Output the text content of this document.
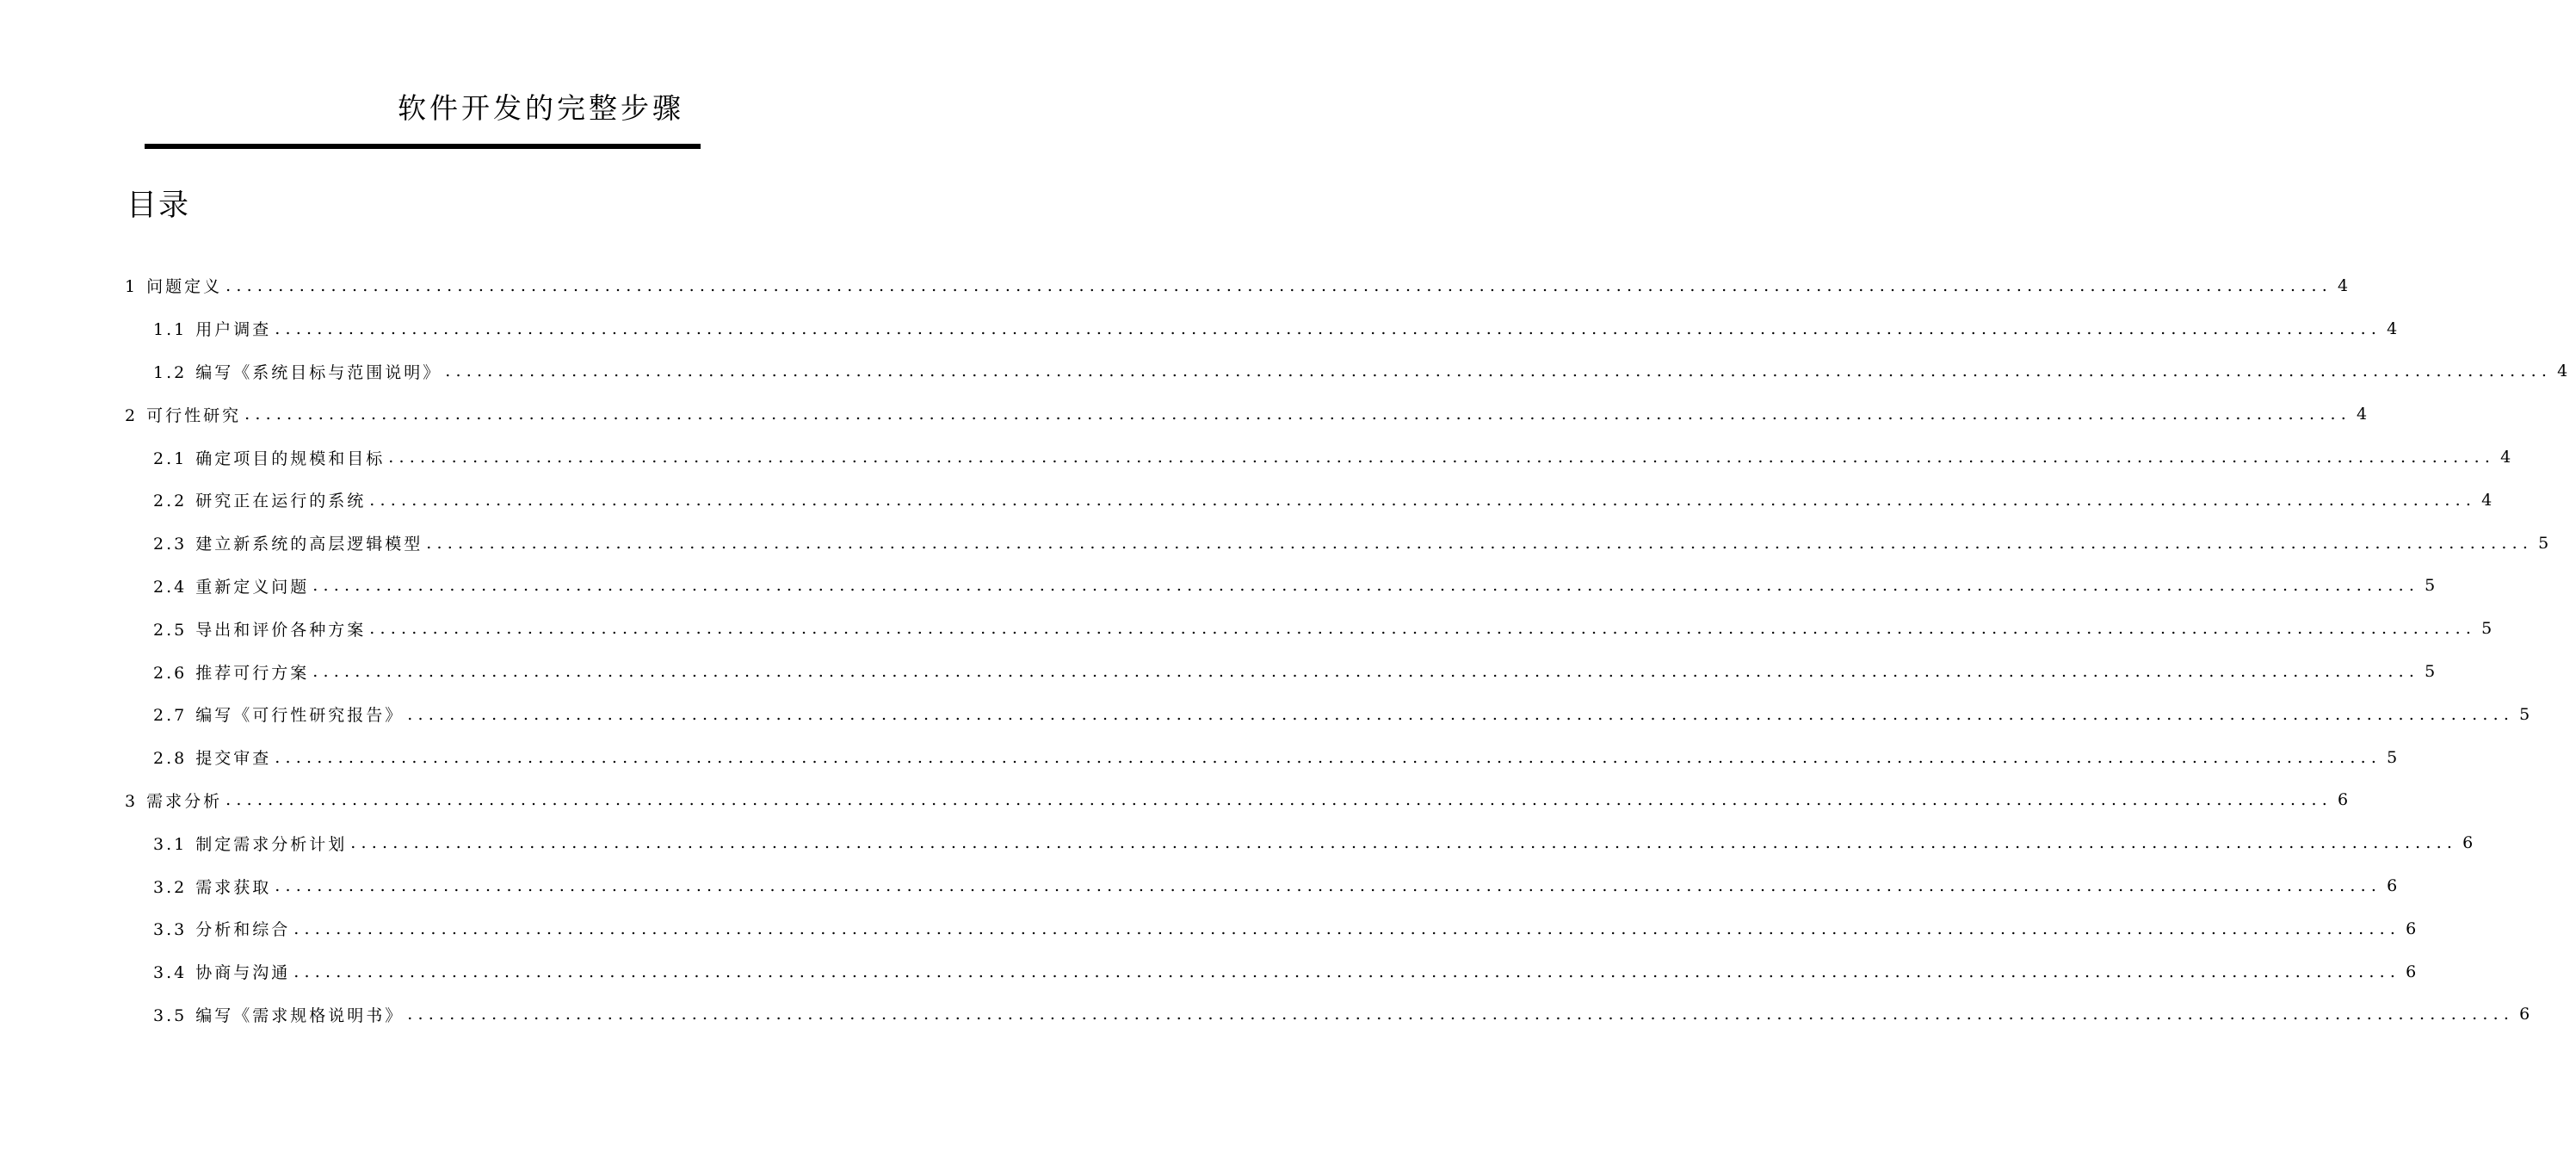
软件开发的完整步骤
目录
1 问题定义 ........................................................................................................................................................................................................ 4
1.1 用户调查 ........................................................................................................................................................................................................ 4
1.2 编写《系统目标与范围说明》 ........................................................................................................................................................................................................ 4
2 可行性研究 ........................................................................................................................................................................................................ 4
2.1 确定项目的规模和目标 ........................................................................................................................................................................................................ 4
2.2 研究正在运行的系统 ........................................................................................................................................................................................................ 4
2.3 建立新系统的高层逻辑模型 ........................................................................................................................................................................................................ 5
2.4 重新定义问题 ........................................................................................................................................................................................................ 5
2.5 导出和评价各种方案 ........................................................................................................................................................................................................ 5
2.6 推荐可行方案 ........................................................................................................................................................................................................ 5
2.7 编写《可行性研究报告》 ........................................................................................................................................................................................................ 5
2.8 提交审查 ........................................................................................................................................................................................................ 5
3 需求分析 ........................................................................................................................................................................................................ 6
3.1 制定需求分析计划 ........................................................................................................................................................................................................ 6
3.2 需求获取 ........................................................................................................................................................................................................ 6
3.3 分析和综合 ........................................................................................................................................................................................................ 6
3.4 协商与沟通 ........................................................................................................................................................................................................ 6
3.5 编写《需求规格说明书》 ........................................................................................................................................................................................................ 6
